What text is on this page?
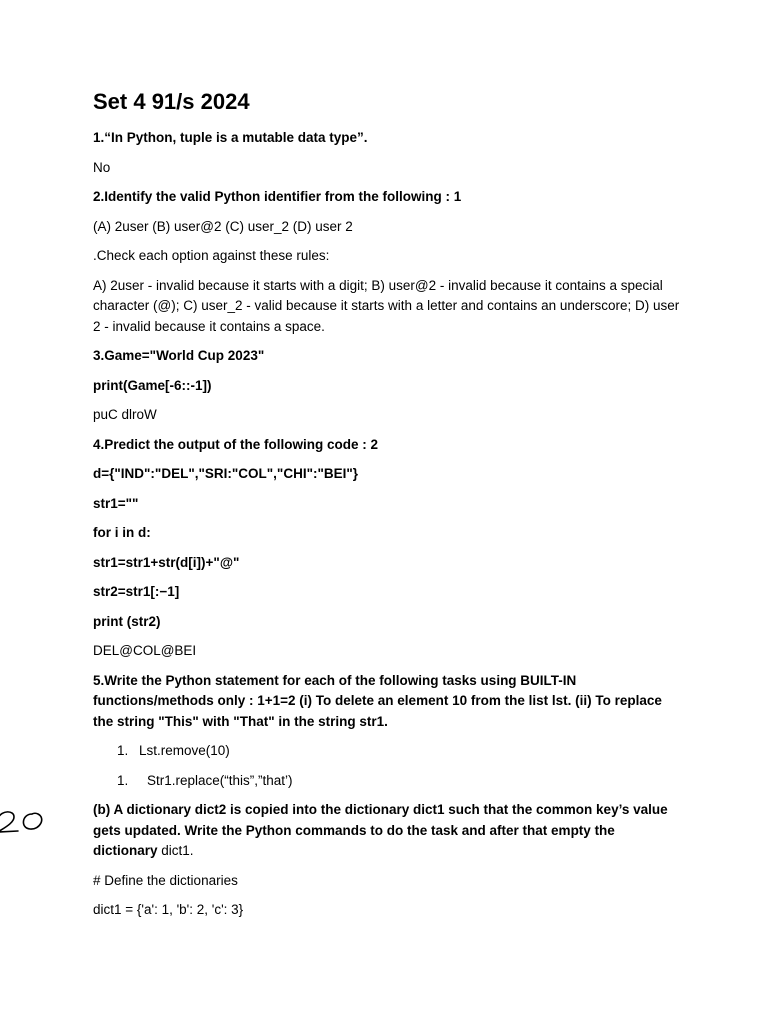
Set 4 91/s 2024

1.“In Python, tuple is a mutable data type”.

No

2.Identify the valid Python identifier from the following : 1

(A) 2user (B) user@2 (C) user_2 (D) user 2

.Check each option against these rules:

A) 2user - invalid because it starts with a digit; B) user@2 - invalid because it contains a special character (@); C) user_2 - valid because it starts with a letter and contains an underscore; D) user 2 - invalid because it contains a space.

3.Game="World Cup 2023"

print(Game[-6::-1])

puC dlroW

4.Predict the output of the following code : 2

d={"IND":"DEL","SRI:"COL","CHI":"BEI"}

str1=""

for i in d:

str1=str1+str(d[i])+"@"

str2=str1[:−1]

print (str2)

DEL@COL@BEI

5.Write the Python statement for each of the following tasks using BUILT-IN functions/methods only : 1+1=2 (i) To delete an element 10 from the list lst. (ii) To replace the string "This" with "That" in the string str1.

1. Lst.remove(10)
1. Str1.replace(“this”,”that’)

(b) A dictionary dict2 is copied into the dictionary dict1 such that the common key’s value gets updated. Write the Python commands to do the task and after that empty the dictionary dict1.

# Define the dictionaries

dict1 = {'a': 1, 'b': 2, 'c': 3}
